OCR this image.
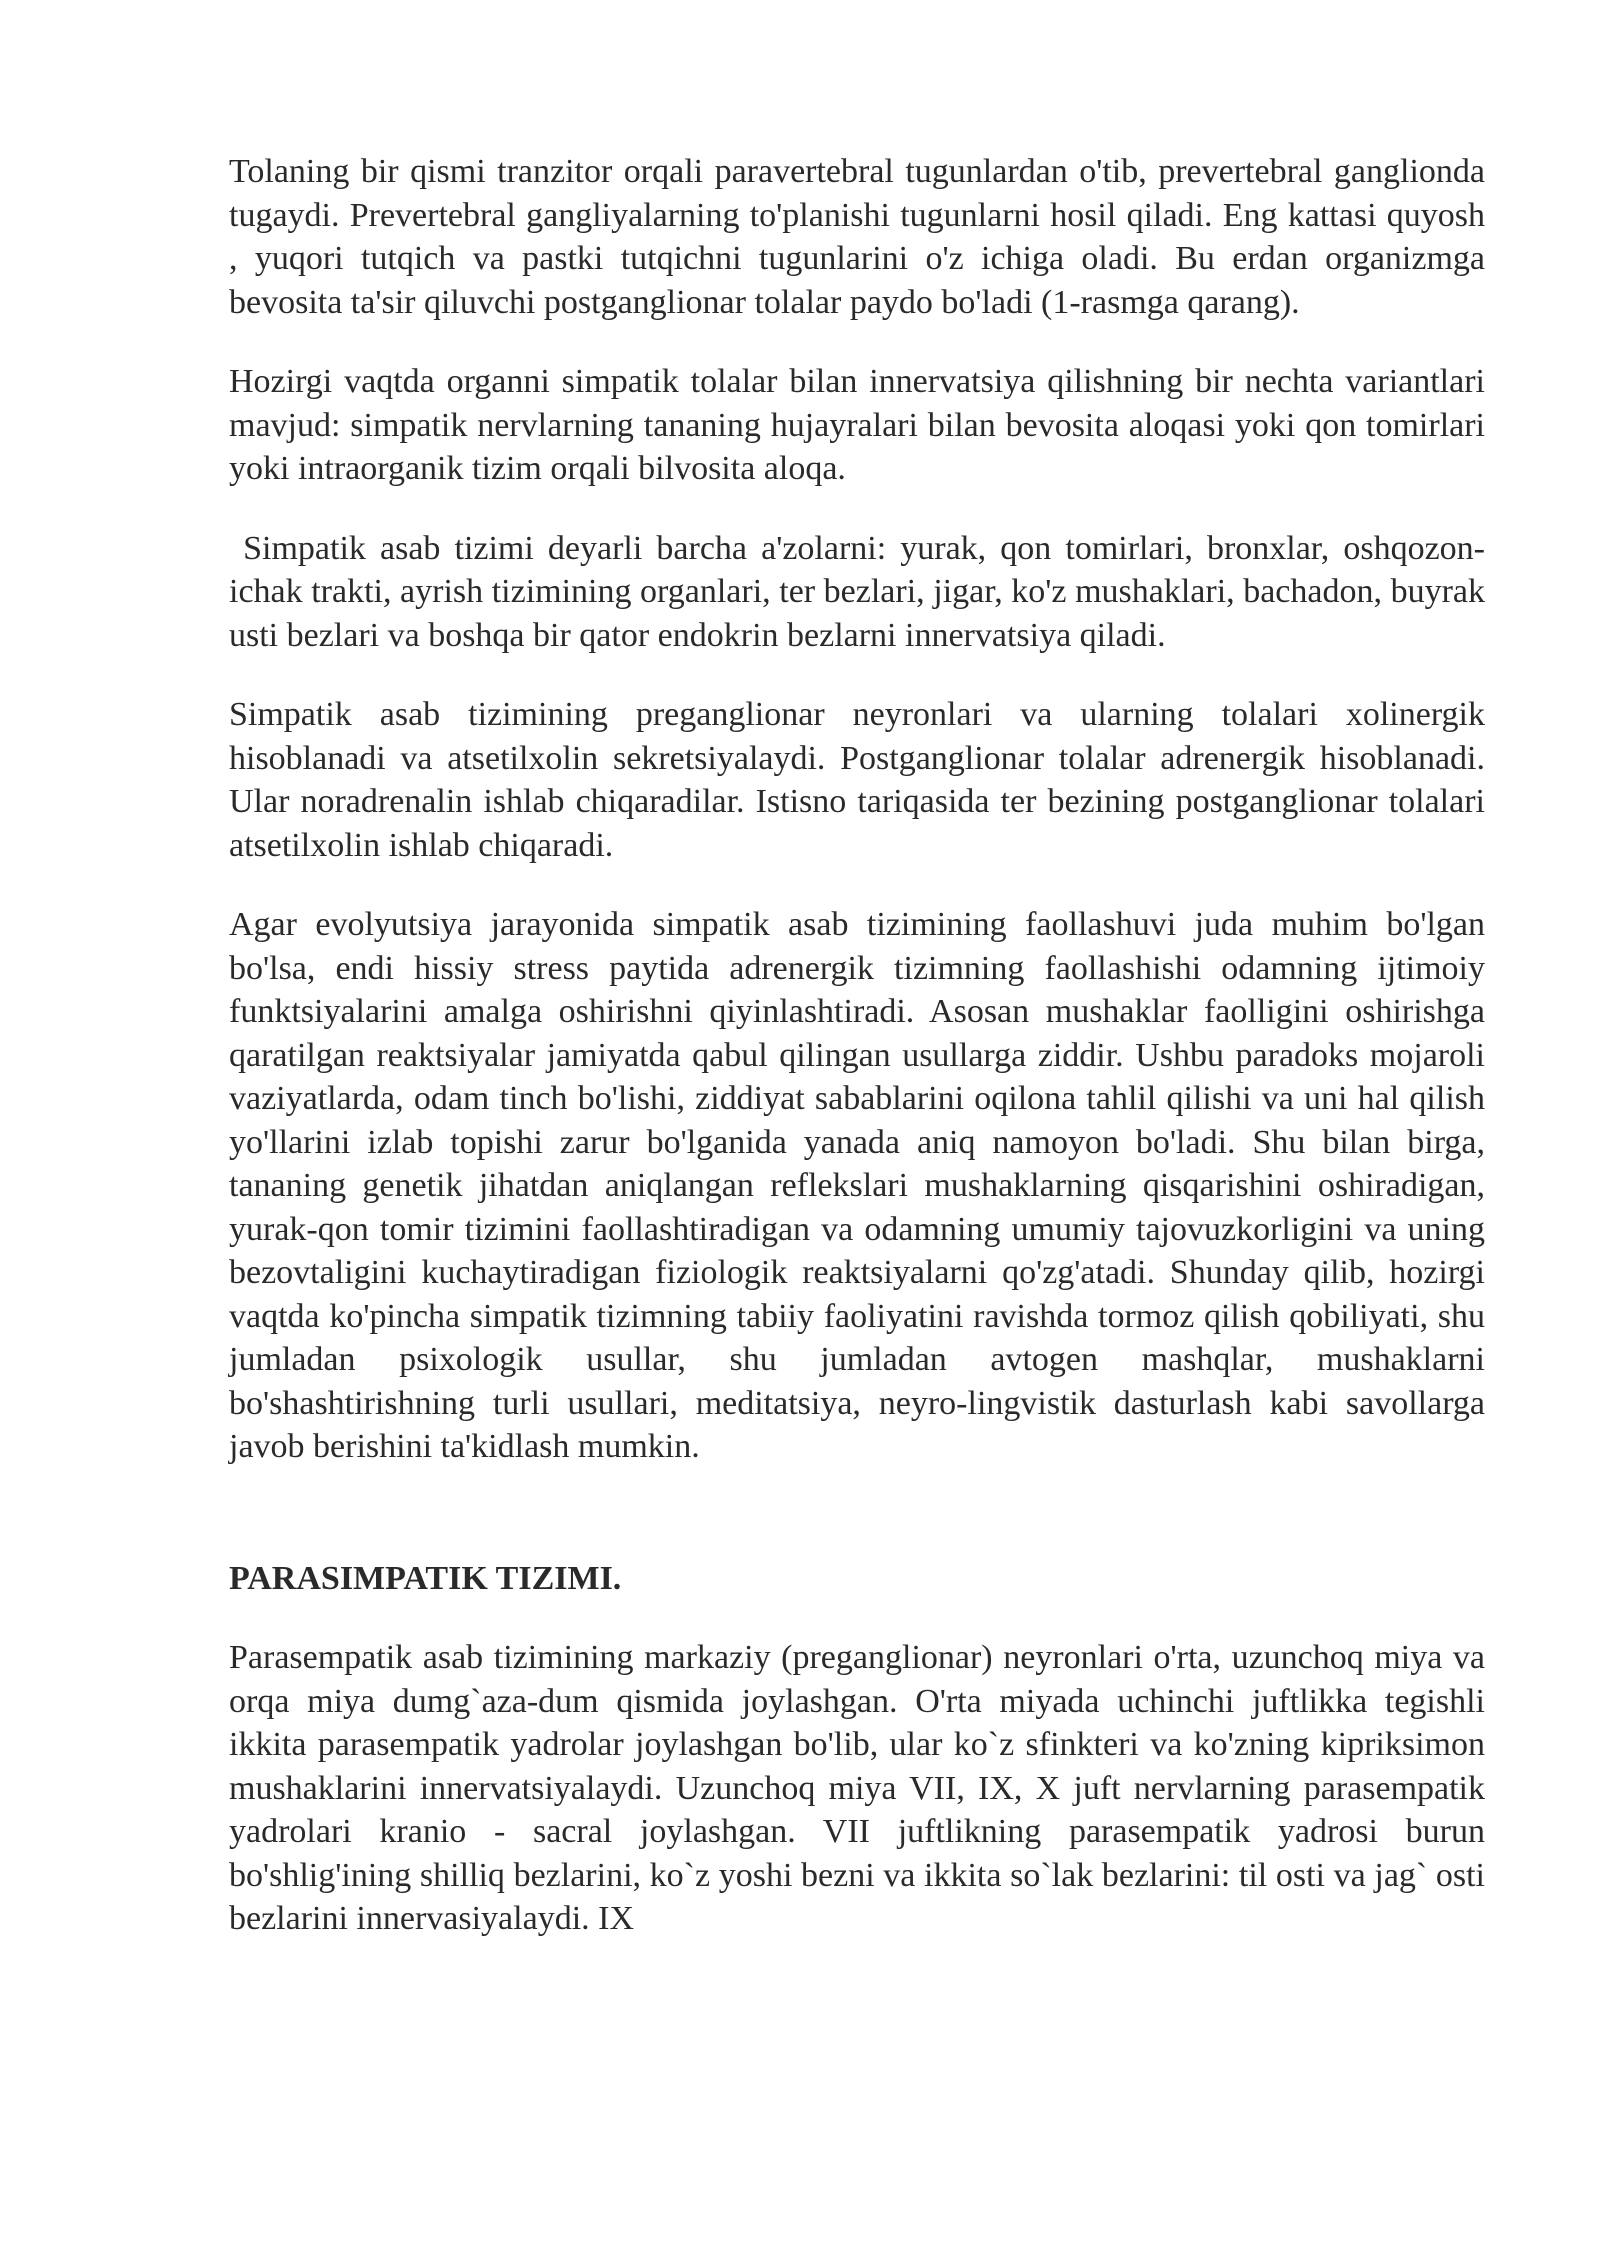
Tolaning bir qismi tranzitor orqali paravertebral tugunlardan o'tib, prevertebral ganglionda tugaydi. Prevertebral gangliyalarning to'planishi tugunlarni hosil qiladi. Eng kattasi quyosh , yuqori tutqich va pastki tutqichni tugunlarini o'z ichiga oladi. Bu erdan organizmga bevosita ta'sir qiluvchi postganglionar tolalar paydo bo'ladi (1-rasmga qarang).

Hozirgi vaqtda organni simpatik tolalar bilan innervatsiya qilishning bir nechta variantlari mavjud: simpatik nervlarning tananing hujayralari bilan bevosita aloqasi yoki qon tomirlari yoki intraorganik tizim orqali bilvosita aloqa.

Simpatik asab tizimi deyarli barcha a'zolarni: yurak, qon tomirlari, bronxlar, oshqozon-ichak trakti, ayrish tizimining organlari, ter bezlari, jigar, ko'z mushaklari, bachadon, buyrak usti bezlari va boshqa bir qator endokrin bezlarni innervatsiya qiladi.

Simpatik asab tizimining preganglionar neyronlari va ularning tolalari xolinergik hisoblanadi va atsetilxolin sekretsiyalaydi. Postganglionar tolalar adrenergik hisoblanadi. Ular noradrenalin ishlab chiqaradilar. Istisno tariqasida ter bezining postganglionar tolalari atsetilxolin ishlab chiqaradi.

Agar evolyutsiya jarayonida simpatik asab tizimining faollashuvi juda muhim bo'lgan bo'lsa, endi hissiy stress paytida adrenergik tizimning faollashishi odamning ijtimoiy funktsiyalarini amalga oshirishni qiyinlashtiradi. Asosan mushaklar faolligini oshirishga qaratilgan reaktsiyalar jamiyatda qabul qilingan usullarga ziddir. Ushbu paradoks mojaroli vaziyatlarda, odam tinch bo'lishi, ziddiyat sabablarini oqilona tahlil qilishi va uni hal qilish yo'llarini izlab topishi zarur bo'lganida yanada aniq namoyon bo'ladi. Shu bilan birga, tananing genetik jihatdan aniqlangan reflekslari mushaklarning qisqarishini oshiradigan, yurak-qon tomir tizimini faollashtiradigan va odamning umumiy tajovuzkorligini va uning bezovtaligini kuchaytiradigan fiziologik reaktsiyalarni qo'zg'atadi. Shunday qilib, hozirgi vaqtda ko'pincha simpatik tizimning tabiiy faoliyatini ravishda tormoz qilish qobiliyati, shu jumladan psixologik usullar, shu jumladan avtogen mashqlar, mushaklarni bo'shashtirishning turli usullari, meditatsiya, neyro-lingvistik dasturlash kabi savollarga javob berishini ta'kidlash mumkin.

PARASIMPATIK TIZIMI.

Parasempatik asab tizimining markaziy (preganglionar) neyronlari o'rta, uzunchoq miya va orqa miya dumg`aza-dum qismida joylashgan. O'rta miyada uchinchi juftlikka tegishli ikkita parasempatik yadrolar joylashgan bo'lib, ular ko`z sfinkteri va ko'zning kipriksimon mushaklarini innervatsiyalaydi. Uzunchoq miya VII, IX, X juft nervlarning parasempatik yadrolari kranio - sacral joylashgan. VII juftlikning parasempatik yadrosi burun bo'shlig'ining shilliq bezlarini, ko`z yoshi bezni va ikkita so`lak bezlarini: til osti va jag` osti bezlarini innervasiyalaydi. IX
